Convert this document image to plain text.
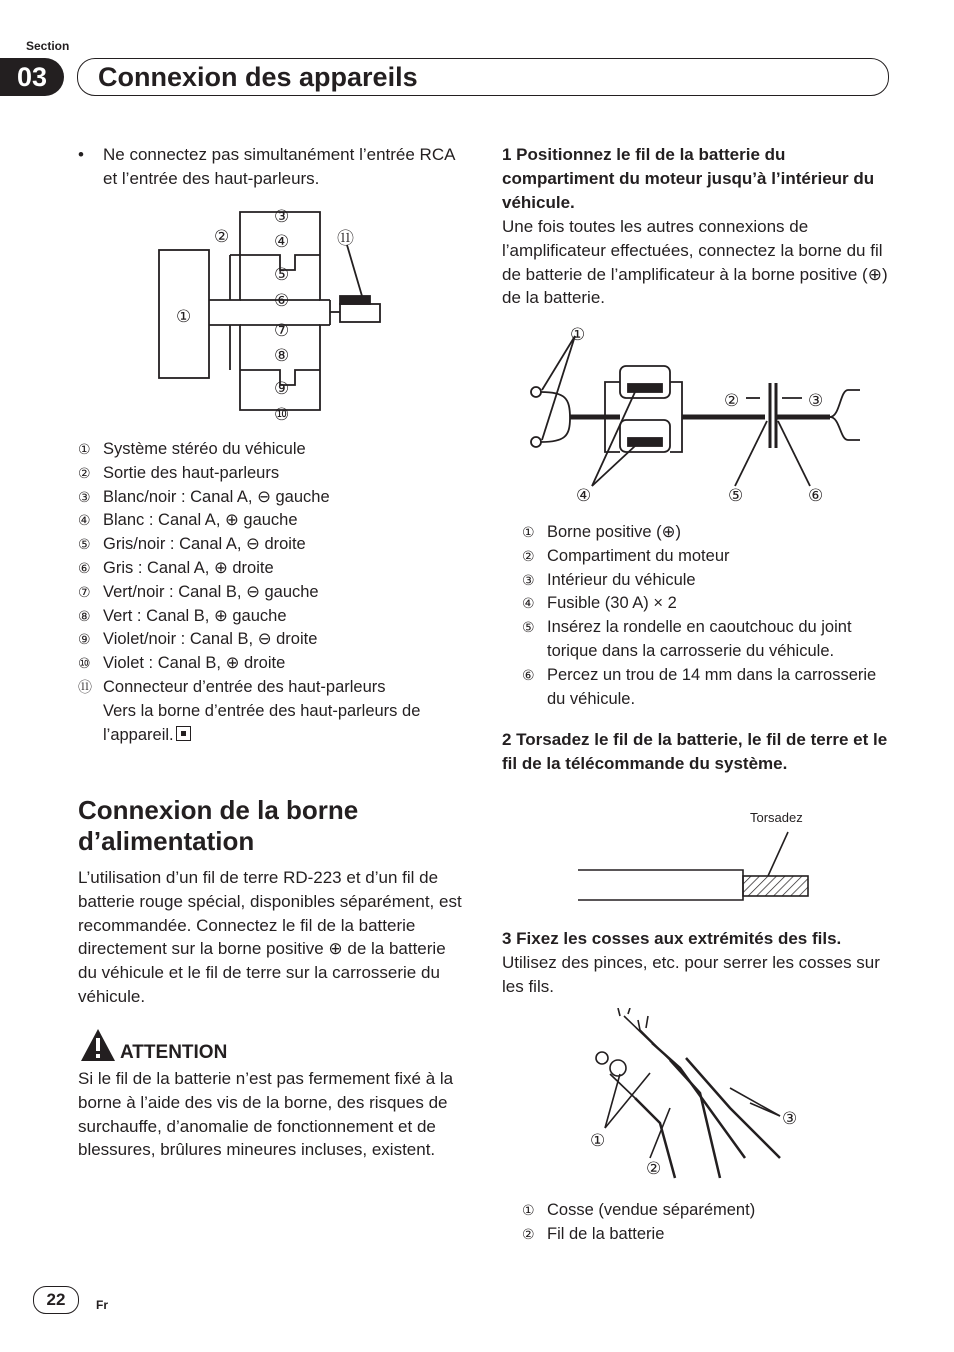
Section
03	Connexion des appareils
• Ne connectez pas simultanément l’entrée RCA et l’entrée des haut-parleurs.
①
②
③
④
⑤
⑥
⑦
⑧
⑨
⑩
⑪
① Système stéréo du véhicule
② Sortie des haut-parleurs
③ Blanc/noir : Canal A, ⊖ gauche
④ Blanc : Canal A, ⊕ gauche
⑤ Gris/noir : Canal A, ⊖ droite
⑥ Gris : Canal A, ⊕ droite
⑦ Vert/noir : Canal B, ⊖ gauche
⑧ Vert : Canal B, ⊕ gauche
⑨ Violet/noir : Canal B, ⊖ droite
⑩ Violet : Canal B, ⊕ droite
⑪ Connecteur d’entrée des haut-parleurs
Vers la borne d’entrée des haut-parleurs de l’appareil.
Connexion de la borne d’alimentation
L’utilisation d’un fil de terre RD-223 et d’un fil de batterie rouge spécial, disponibles séparément, est recommandée. Connectez le fil de la batterie directement sur la borne positive ⊕ de la batterie du véhicule et le fil de terre sur la carrosserie du véhicule.
ATTENTION
Si le fil de la batterie n’est pas fermement fixé à la borne à l’aide des vis de la borne, des risques de surchauffe, d’anomalie de fonctionnement et de blessures, brûlures mineures incluses, existent.
1 Positionnez le fil de la batterie du compartiment du moteur jusqu’à l’intérieur du véhicule.
Une fois toutes les autres connexions de l’amplificateur effectuées, connectez la borne du fil de batterie de l’amplificateur à la borne positive (⊕) de la batterie.
①
②	③
④	⑤	⑥
① Borne positive (⊕)
② Compartiment du moteur
③ Intérieur du véhicule
④ Fusible (30 A) × 2
⑤ Insérez la rondelle en caoutchouc du joint torique dans la carrosserie du véhicule.
⑥ Percez un trou de 14 mm dans la carrosserie du véhicule.
2 Torsadez le fil de la batterie, le fil de terre et le fil de la télécommande du système.
Torsadez
3 Fixez les cosses aux extrémités des fils.
Utilisez des pinces, etc. pour serrer les cosses sur les fils.
①
②
③
① Cosse (vendue séparément)
② Fil de la batterie
22	Fr
